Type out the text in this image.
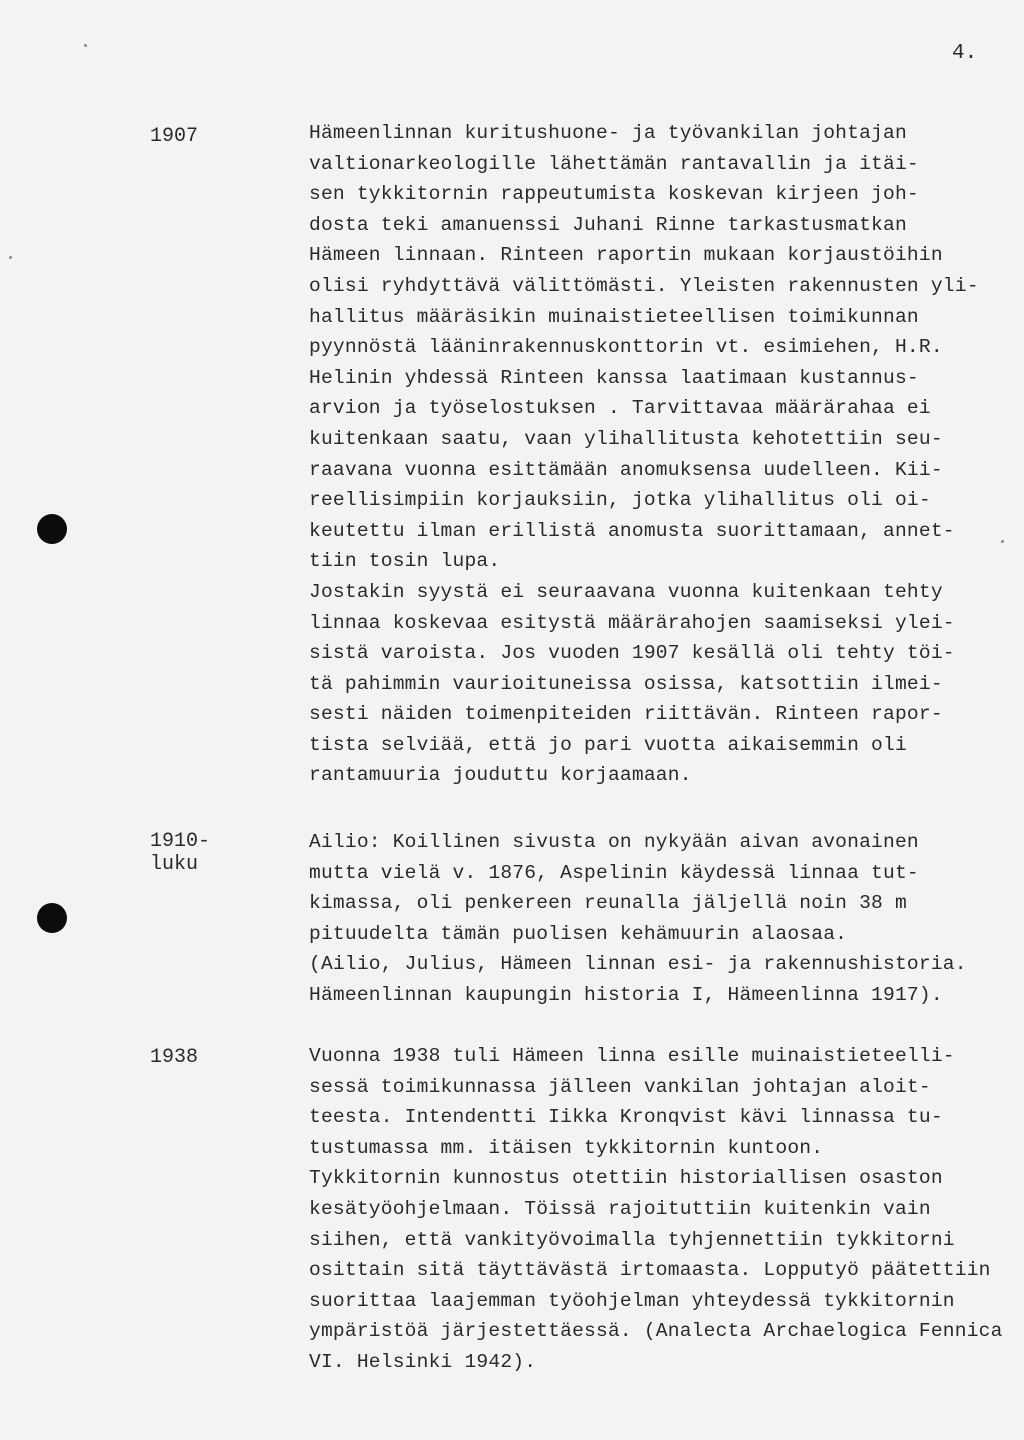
4.
1907	Hämeenlinnan kuritushuone- ja työvankilan johtajan
valtionarkeologille lähettämän rantavallin ja itäi-
sen tykkitornin rappeutumista koskevan kirjeen joh-
dosta teki amanuenssi Juhani Rinne tarkastusmatkan
Hämeen linnaan. Rinteen raportin mukaan korjaustöihin
olisi ryhdyttävä välittömästi. Yleisten rakennusten yli-
hallitus määräsikin muinaistieteellisen toimikunnan
pyynnöstä lääninrakennuskonttorin vt. esimiehen, H.R.
Helinin yhdessä Rinteen kanssa laatimaan kustannus-
arvion ja työselostuksen . Tarvittavaa määrärahaa ei
kuitenkaan saatu, vaan ylihallitusta kehotettiin seu-
raavana vuonna esittämään anomuksensa uudelleen. Kii-
reellisimpiin korjauksiin, jotka ylihallitus oli oi-
keutettu ilman erillistä anomusta suorittamaan, annet-
tiin tosin lupa.
Jostakin syystä ei seuraavana vuonna kuitenkaan tehty
linnaa koskevaa esitystä määrärahojen saamiseksi ylei-
sistä varoista. Jos vuoden 1907 kesällä oli tehty töi-
tä pahimmin vaurioituneissa osissa, katsottiin ilmei-
sesti näiden toimenpiteiden riittävän. Rinteen rapor-
tista selviää, että jo pari vuotta aikaisemmin oli
rantamuuria jouduttu korjaamaan.
1910-
luku
Ailio: Koillinen sivusta on nykyään aivan avonainen
mutta vielä v. 1876, Aspelinin käydessä linnaa tut-
kimassa, oli penkereen reunalla jäljellä noin 38 m
pituudelta tämän puolisen kehämuurin alaosaa.
(Ailio, Julius, Hämeen linnan esi- ja rakennushistoria.
Hämeenlinnan kaupungin historia I, Hämeenlinna 1917).
1938	Vuonna 1938 tuli Hämeen linna esille muinaistieteelli-
sessä toimikunnassa jälleen vankilan johtajan aloit-
teesta. Intendentti Iikka Kronqvist kävi linnassa tu-
tustumassa mm. itäisen tykkitornin kuntoon.
Tykkitornin kunnostus otettiin historiallisen osaston
kesätyöohjelmaan. Töissä rajoituttiin kuitenkin vain
siihen, että vankityövoimalla tyhjennettiin tykkitorni
osittain sitä täyttävästä irtomaasta. Lopputyö päätettiin
suorittaa laajemman työohjelman yhteydessä tykkitornin
ympäristöä järjestettäessä. (Analecta Archaelogica Fennica
VI. Helsinki 1942).
